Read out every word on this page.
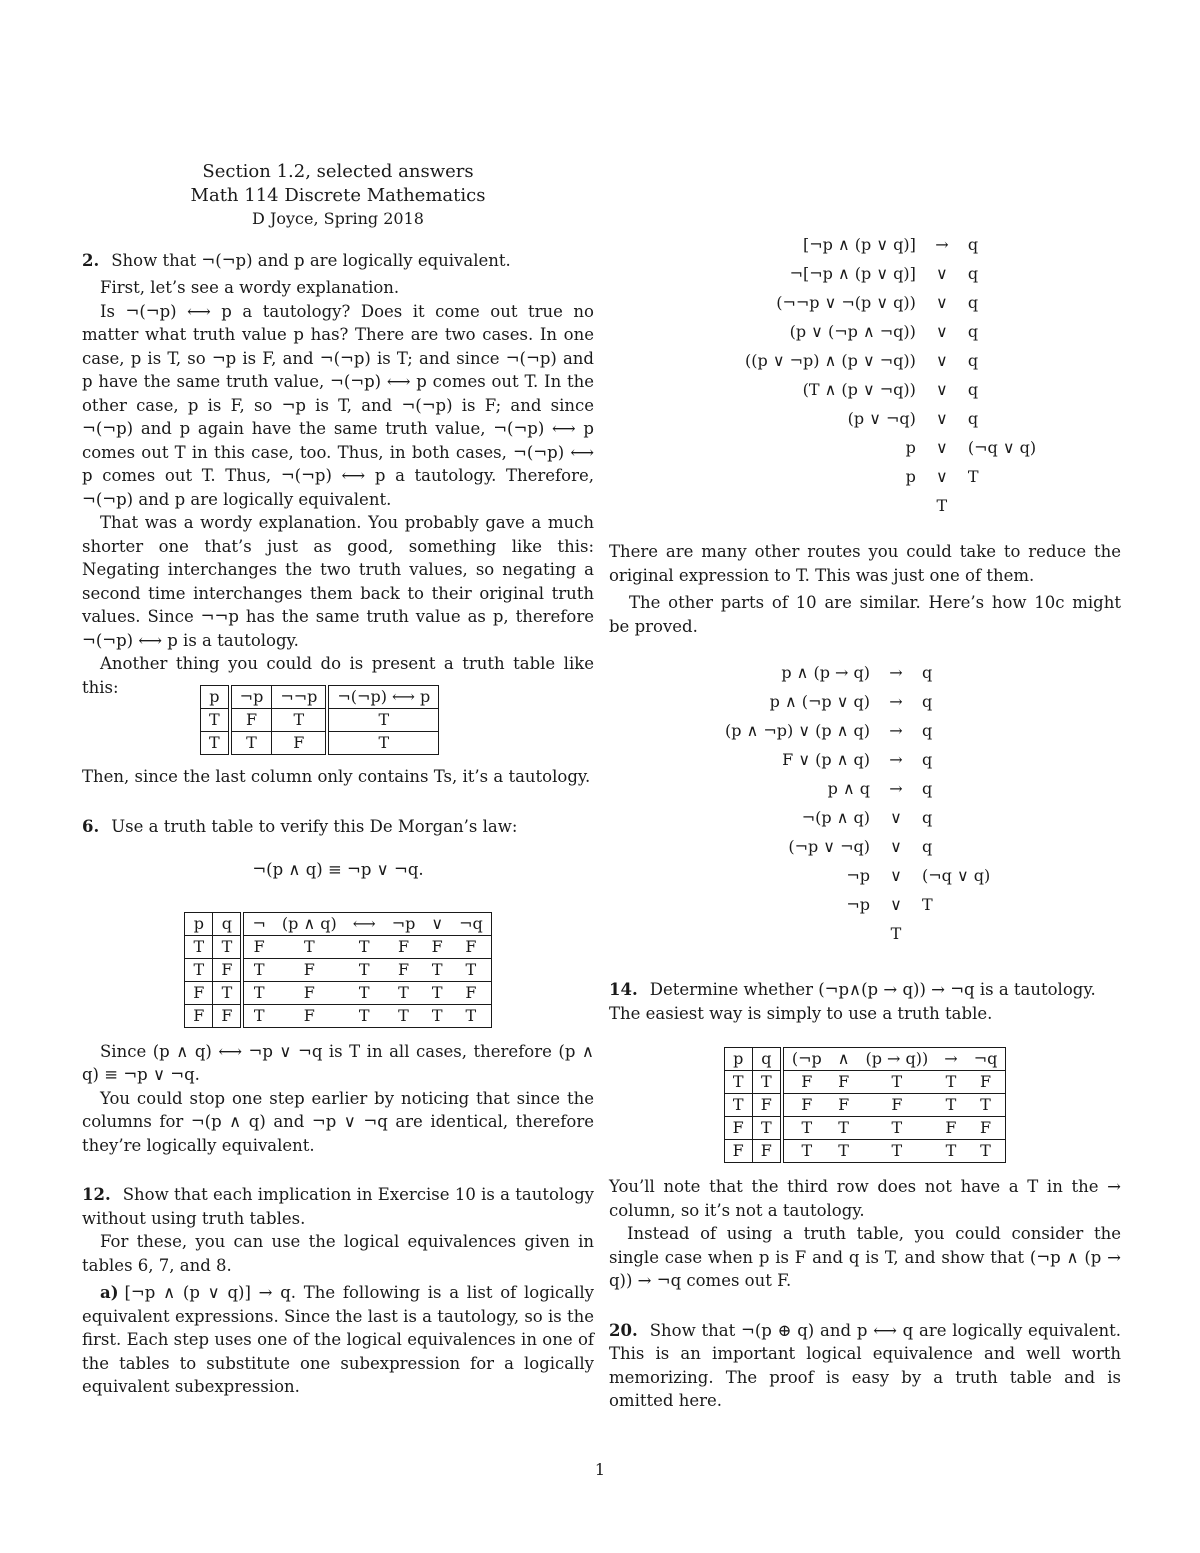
Section 1.2, selected answers
Math 114 Discrete Mathematics
D Joyce, Spring 2018

2. Show that ¬(¬p) and p are logically equivalent.

First, let’s see a wordy explanation.

Is ¬(¬p) ⟷ p a tautology? Does it come out true no matter what truth value p has? There are two cases. In one case, p is T, so ¬p is F, and ¬(¬p) is T; and since ¬(¬p) and p have the same truth value, ¬(¬p) ⟷ p comes out T. In the other case, p is F, so ¬p is T, and ¬(¬p) is F; and since ¬(¬p) and p again have the same truth value, ¬(¬p) ⟷ p comes out T in this case, too. Thus, in both cases, ¬(¬p) ⟷ p comes out T. Thus, ¬(¬p) ⟷ p a tautology. Therefore, ¬(¬p) and p are logically equivalent.

That was a wordy explanation. You probably gave a much shorter one that’s just as good, something like this: Negating interchanges the two truth values, so negating a second time interchanges them back to their original truth values. Since ¬¬p has the same truth value as p, therefore ¬(¬p) ⟷ p is a tautology.

Another thing you could do is present a truth table like this:	p	¬p	¬¬p	¬(¬p) ⟷ p
T	F	T	T
T	T	F	T

Then, since the last column only contains Ts, it’s a tautology.

6. Use a truth table to verify this De Morgan’s law:

¬(p ∧ q) ≡ ¬p ∨ ¬q.

p	q	¬	(p ∧ q)	⟷	¬p	∨	¬q
T	T	F	T	T	F	F	F
T	F	T	F	T	F	T	T
F	T	T	F	T	T	T	F
F	F	T	F	T	T	T	T

Since (p ∧ q) ⟷ ¬p ∨ ¬q is T in all cases, therefore (p ∧ q) ≡ ¬p ∨ ¬q.

You could stop one step earlier by noticing that since the columns for ¬(p ∧ q) and ¬p ∨ ¬q are identical, therefore they’re logically equivalent.

12. Show that each implication in Exercise 10 is a tautology without using truth tables.

For these, you can use the logical equivalences given in tables 6, 7, and 8.

a) [¬p ∧ (p ∨ q)] → q. The following is a list of logically equivalent expressions. Since the last is a tautology, so is the first. Each step uses one of the logical equivalences in one of the tables to substitute one subexpression for a logically equivalent subexpression.

[¬p ∧ (p ∨ q)]	→	q
¬[¬p ∧ (p ∨ q)]	∨	q
(¬¬p ∨ ¬(p ∨ q))	∨	q
(p ∨ (¬p ∧ ¬q))	∨	q
((p ∨ ¬p) ∧ (p ∨ ¬q))	∨	q
(T ∧ (p ∨ ¬q))	∨	q
(p ∨ ¬q)	∨	q
p	∨	(¬q ∨ q)
p	∨	T
	T	

There are many other routes you could take to reduce the original expression to T. This was just one of them.

The other parts of 10 are similar. Here’s how 10c might be proved.

p ∧ (p → q)	→	q
p ∧ (¬p ∨ q)	→	q
(p ∧ ¬p) ∨ (p ∧ q)	→	q
F ∨ (p ∧ q)	→	q
p ∧ q	→	q
¬(p ∧ q)	∨	q
(¬p ∨ ¬q)	∨	q
¬p	∨	(¬q ∨ q)
¬p	∨	T
	T	

14. Determine whether (¬p∧(p → q)) → ¬q is a tautology.

The easiest way is simply to use a truth table.

p	q	(¬p	∧	(p → q))	→	¬q
T	T	F	F	T	T	F
T	F	F	F	F	T	T
F	T	T	T	T	F	F
F	F	T	T	T	T	T

You’ll note that the third row does not have a T in the → column, so it’s not a tautology.

Instead of using a truth table, you could consider the single case when p is F and q is T, and show that (¬p ∧ (p → q)) → ¬q comes out F.

20. Show that ¬(p ⊕ q) and p ⟷ q are logically equivalent. This is an important logical equivalence and well worth memorizing. The proof is easy by a truth table and is omitted here.

1
